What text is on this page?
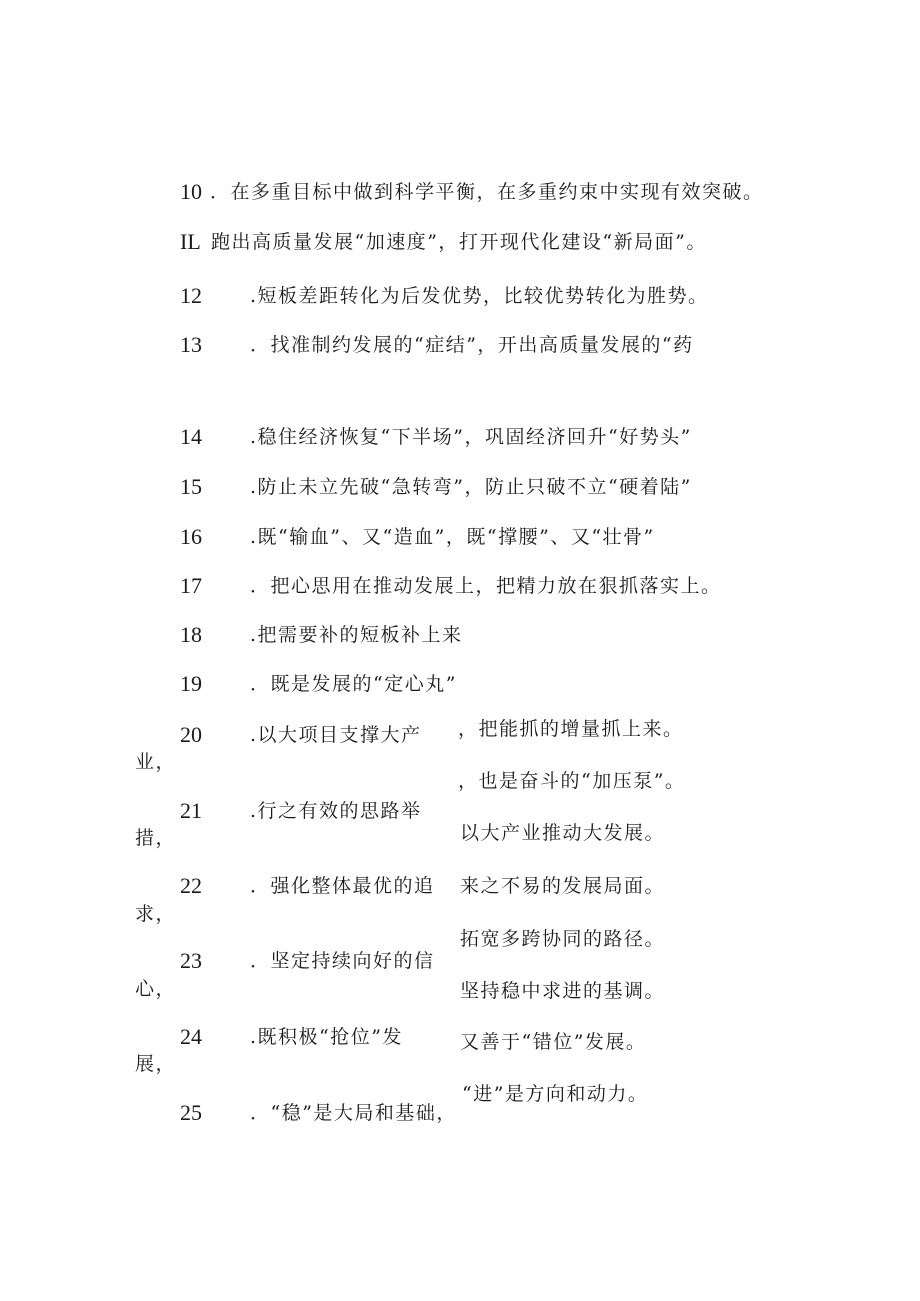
10 ．在多重目标中做到科学平衡，在多重约束中实现有效突破。
IL 跑出高质量发展“加速度”，打开现代化建设“新局面”。
12	.短板差距转化为后发优势，比较优势转化为胜势。
13	．找准制约发展的“症结”，开出高质量发展的“药
14	.稳住经济恢复“下半场”，巩固经济回升“好势头”
15	.防止未立先破“急转弯”，防止只破不立“硬着陆”
16	.既“输血”、又“造血”，既“撑腰”、又“壮骨”
17	．把心思用在推动发展上，把精力放在狠抓落实上。
18	.把需要补的短板补上来
19	．既是发展的“定心丸”
20	.以大项目支撑大产
21	.行之有效的思路举
22	．强化整体最优的追
23	．坚定持续向好的信
24	.既积极“抢位”发
25	．“稳”是大局和基础，
业，
措，
求，
心，
展，
，把能抓的增量抓上来。
，也是奋斗的“加压泵”。
以大产业推动大发展。
来之不易的发展局面。
拓宽多跨协同的路径。
坚持稳中求进的基调。
又善于“错位”发展。
“进”是方向和动力。
